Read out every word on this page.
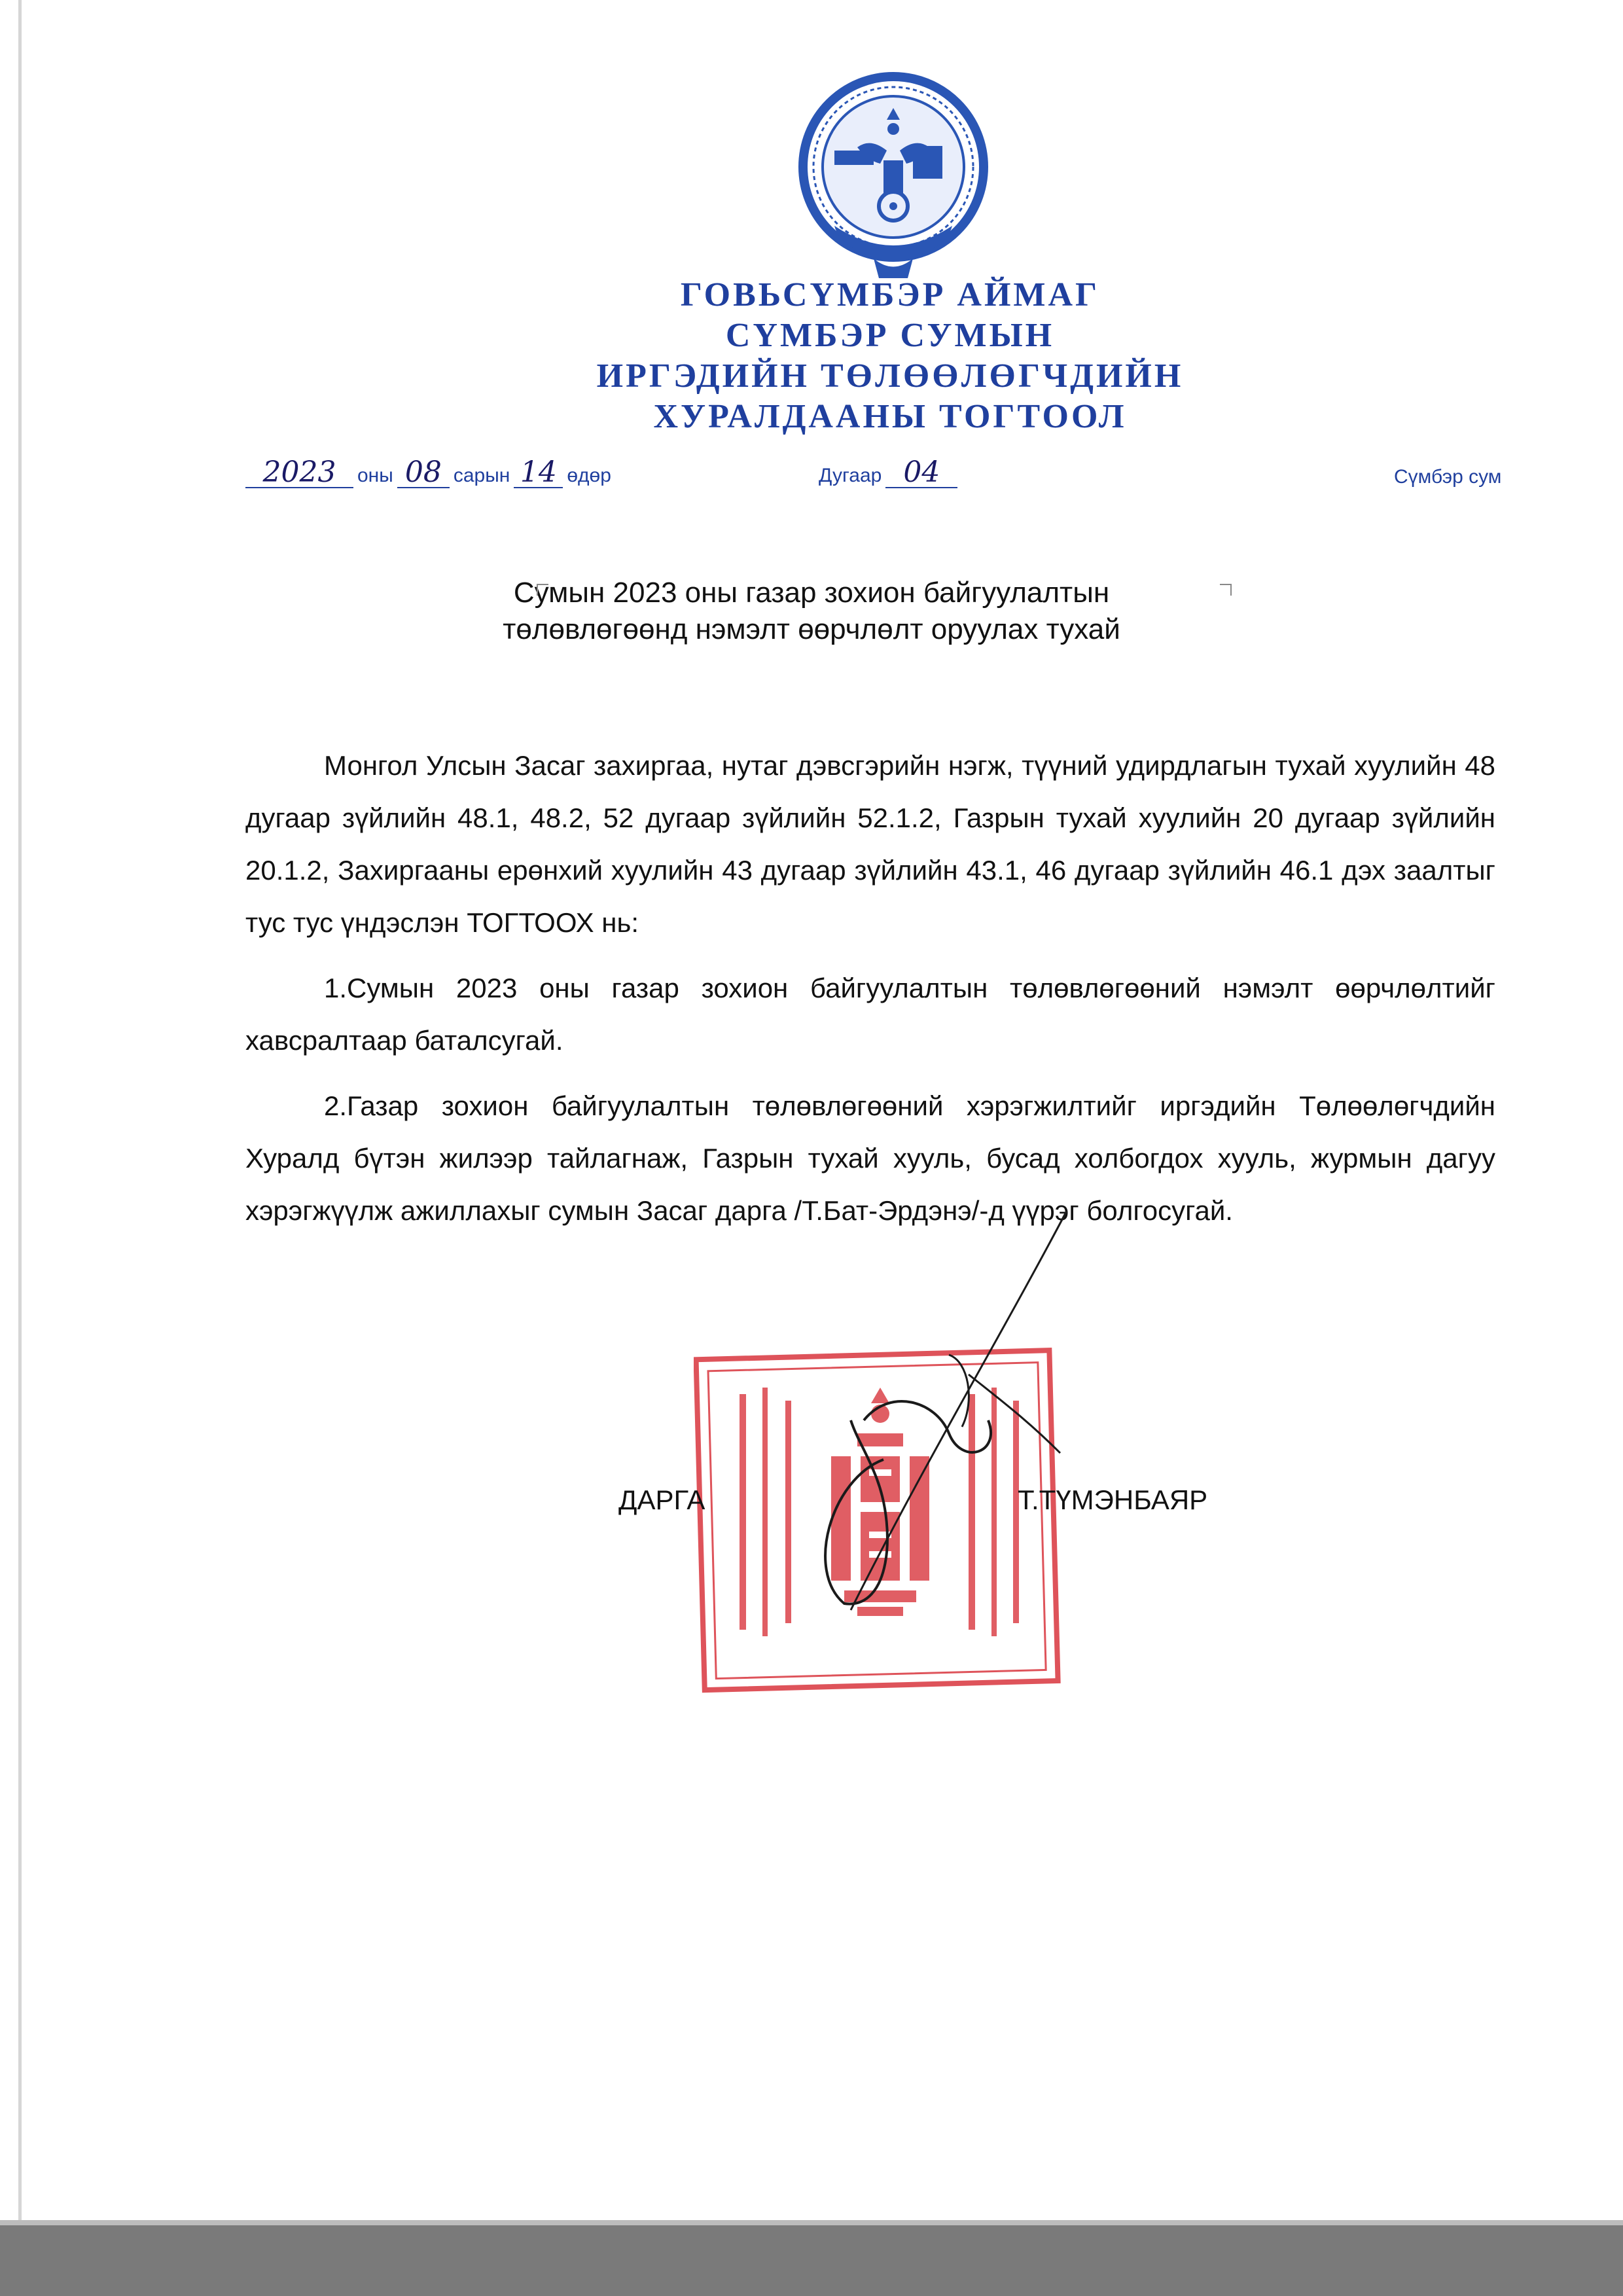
ГОВЬСҮМБЭР АЙМАГ
СҮМБЭР СУМЫН
ИРГЭДИЙН ТӨЛӨӨЛӨГЧДИЙН
ХУРАЛДААНЫ ТОГТООЛ
2023 оны 08 сарын 14 өдөр	Дугаар 04	Сүмбэр сум
Сумын 2023 оны газар зохион байгуулалтын
төлөвлөгөөнд нэмэлт өөрчлөлт оруулах тухай

Монгол Улсын Засаг захиргаа, нутаг дэвсгэрийн нэгж, түүний удирдлагын тухай хуулийн 48 дугаар зүйлийн 48.1, 48.2, 52 дугаар зүйлийн 52.1.2, Газрын тухай хуулийн 20 дугаар зүйлийн 20.1.2, Захиргааны ерөнхий хуулийн 43 дугаар зүйлийн 43.1, 46 дугаар зүйлийн 46.1 дэх заалтыг тус тус үндэслэн ТОГТООХ нь:

1.Сумын 2023 оны газар зохион байгуулалтын төлөвлөгөөний нэмэлт өөрчлөлтийг хавсралтаар баталсугай.

2.Газар зохион байгуулалтын төлөвлөгөөний хэрэгжилтийг иргэдийн Төлөөлөгчдийн Хуралд бүтэн жилээр тайлагнаж, Газрын тухай хууль, бусад холбогдох хууль, журмын дагуу хэрэгжүүлж ажиллахыг сумын Засаг дарга /Т.Бат-Эрдэнэ/-д үүрэг болгосугай.

ДАРГА	Т.ТҮМЭНБАЯР
